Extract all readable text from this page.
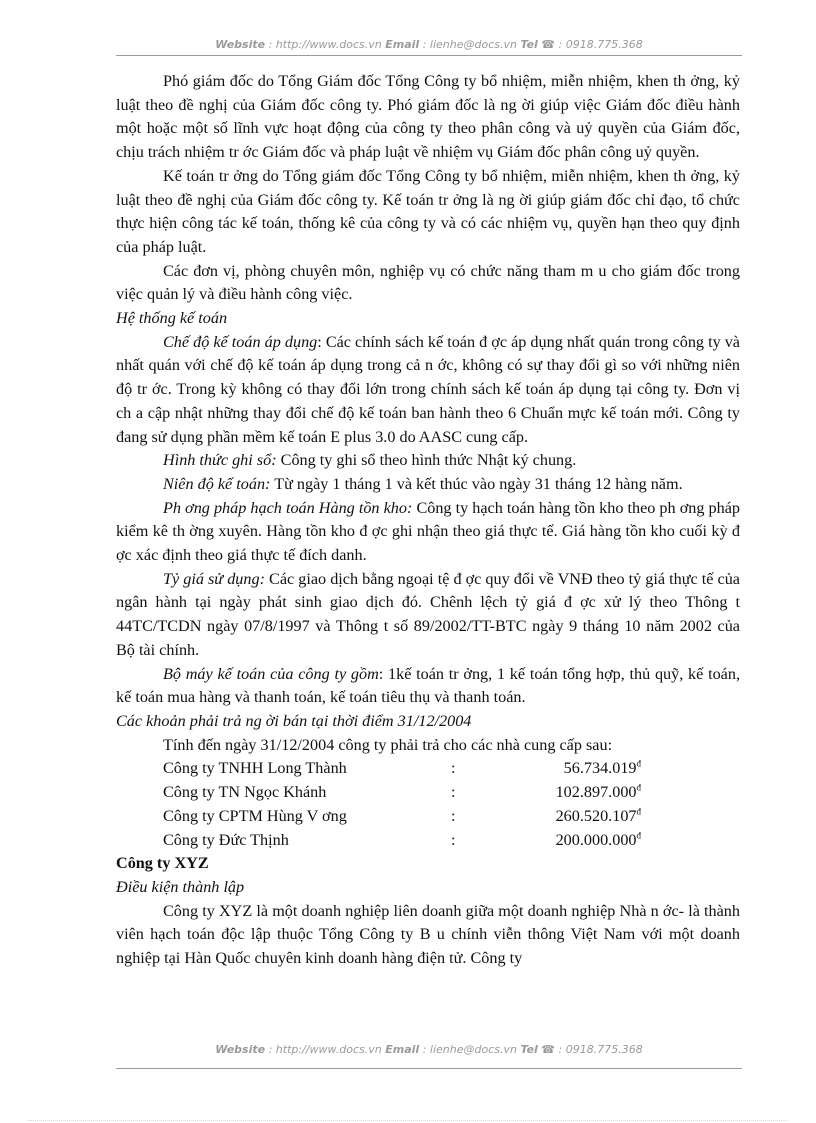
Website : http://www.docs.vn Email : lienhe@docs.vn Tel ☎ : 0918.775.368

Phó giám đốc do Tổng Giám đốc Tổng Công ty bổ nhiệm, miễn nhiệm, khen th ởng, kỷ luật theo đề nghị của Giám đốc công ty. Phó giám đốc là ng ời giúp việc Giám đốc điều hành một hoặc một số lĩnh vực hoạt động của công ty theo phân công và uỷ quyền của Giám đốc, chịu trách nhiệm tr ớc Giám đốc và pháp luật về nhiệm vụ Giám đốc phân công uỷ quyền.

Kế toán tr ởng do Tổng giám đốc Tổng Công ty bổ nhiệm, miễn nhiệm, khen th ởng, kỷ luật theo đề nghị của Giám đốc công ty. Kế toán tr ởng là ng ời giúp giám đốc chỉ đạo, tổ chức thực hiện công tác kế toán, thống kê của công ty và có các nhiệm vụ, quyền hạn theo quy định của pháp luật.

Các đơn vị, phòng chuyên môn, nghiệp vụ có chức năng tham m u cho giám đốc trong việc quản lý và điều hành công việc.

Hệ thống kế toán

Chế độ kế toán áp dụng: Các chính sách kế toán đ ợc áp dụng nhất quán trong công ty và nhất quán với chế độ kế toán áp dụng trong cả n ớc, không có sự thay đổi gì so với những niên độ tr ớc. Trong kỳ không có thay đổi lớn trong chính sách kế toán áp dụng tại công ty. Đơn vị ch a cập nhật những thay đổi chế độ kế toán ban hành theo 6 Chuẩn mực kế toán mới. Công ty đang sử dụng phần mềm kế toán E plus 3.0 do AASC cung cấp.

Hình thức ghi sổ: Công ty ghi sổ theo hình thức Nhật ký chung.

Niên độ kế toán: Từ ngày 1 tháng 1 và kết thúc vào ngày 31 tháng 12 hàng năm.

Ph ơng pháp hạch toán Hàng tồn kho: Công ty hạch toán hàng tồn kho theo ph ơng pháp kiểm kê th ờng xuyên. Hàng tồn kho đ ợc ghi nhận theo giá thực tế. Giá hàng tồn kho cuối kỳ đ ợc xác định theo giá thực tế đích danh.

Tỷ giá sử dụng: Các giao dịch bằng ngoại tệ đ ợc quy đổi về VNĐ theo tỷ giá thực tế của ngân hành tại ngày phát sinh giao dịch đó. Chênh lệch tỷ giá đ ợc xử lý theo Thông t 44TC/TCDN ngày 07/8/1997 và Thông t số 89/2002/TT-BTC ngày 9 tháng 10 năm 2002 của Bộ tài chính.

Bộ máy kế toán của công ty gồm: 1kế toán tr ởng, 1 kế toán tổng hợp, thủ quỹ, kế toán, kế toán mua hàng và thanh toán, kế toán tiêu thụ và thanh toán.

Các khoản phải trả ng ời bán tại thời điểm 31/12/2004

Tính đến ngày 31/12/2004 công ty phải trả cho các nhà cung cấp sau:

Công ty TNHH Long Thành	:	$56.734.019^đ$
Công ty TN Ngọc Khánh	:	$102.897.000^đ$
Công ty CPTM Hùng V ơng	:	$260.520.107^đ$
Công ty Đức Thịnh	:	$200.000.000^đ$

Công ty XYZ

Điều kiện thành lập

Công ty XYZ là một doanh nghiệp liên doanh giữa một doanh nghiệp Nhà n ớc- là thành viên hạch toán độc lập thuộc Tổng Công ty B u chính viễn thông Việt Nam với một doanh nghiệp tại Hàn Quốc chuyên kinh doanh hàng điện tử. Công ty

Website : http://www.docs.vn Email : lienhe@docs.vn Tel ☎ : 0918.775.368
